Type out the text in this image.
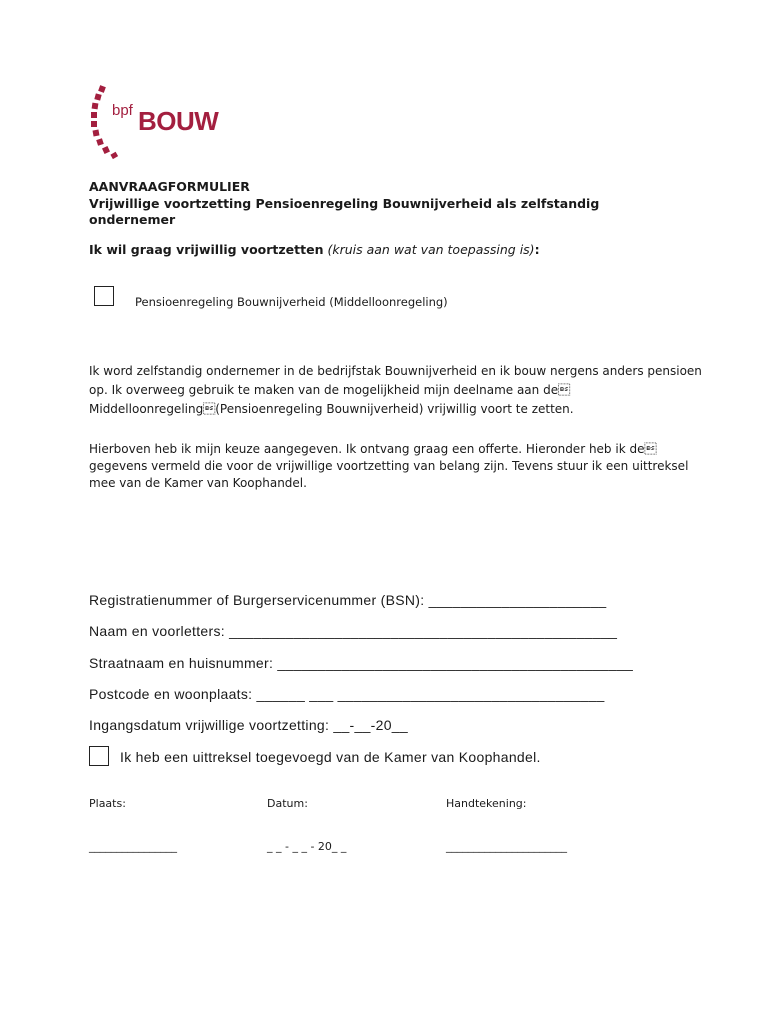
bpf BOUW
AANVRAAGFORMULIER
Vrijwillige voortzetting Pensioenregeling Bouwnijverheid als zelfstandig ondernemer
Ik wil graag vrijwillig voortzetten (kruis aan wat van toepassing is):
Pensioenregeling Bouwnijverheid (Middelloonregeling)
Ik word zelfstandig ondernemer in de bedrijfstak Bouwnijverheid en ik bouw nergens anders pensioen op. Ik overweeg gebruik te maken van de mogelijkheid mijn deelname aan de Middelloonregeling(Pensioenregeling Bouwnijverheid) vrijwillig voort te zetten.
Hierboven heb ik mijn keuze aangegeven. Ik ontvang graag een offerte. Hieronder heb ik de gegevens vermeld die voor de vrijwillige voortzetting van belang zijn. Tevens stuur ik een uittreksel mee van de Kamer van Koophandel.
Registratienummer of Burgerservicenummer (BSN): ______________________
Naam en voorletters: ________________________________________________
Straatnaam en huisnummer: ____________________________________________
Postcode en woonplaats: ______ ___ _________________________________
Ingangsdatum vrijwillige voortzetting: __-__-20__
Ik heb een uittreksel toegevoegd van de Kamer van Koophandel.
Plaats:	Datum:	Handtekening:
________________	_ _ - _ _ - 20_ _	______________________
